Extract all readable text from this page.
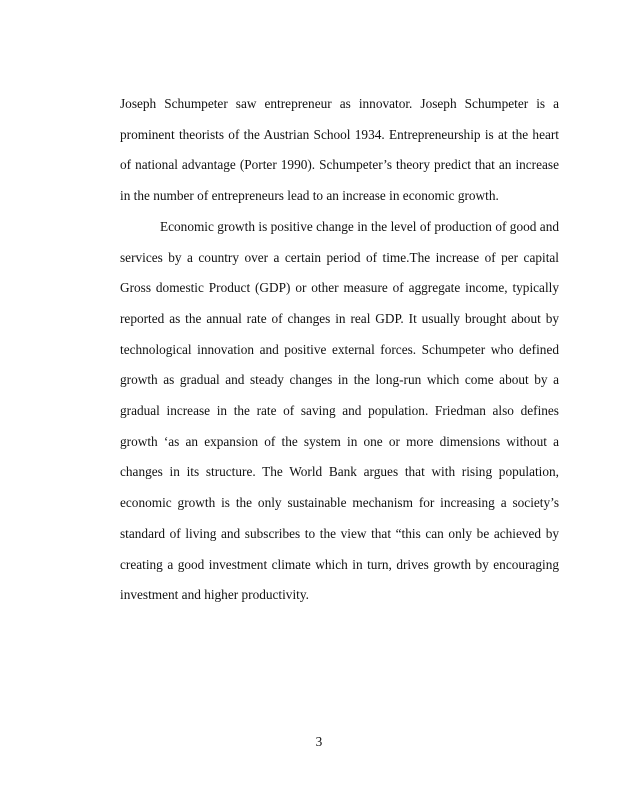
Joseph Schumpeter saw entrepreneur as innovator. Joseph Schumpeter is a prominent theorists of the Austrian School 1934. Entrepreneurship is at the heart of national advantage (Porter 1990). Schumpeter’s theory predict that an increase in the number of entrepreneurs lead to an increase in economic growth.

Economic growth is positive change in the level of production of good and services by a country over a certain period of time.The increase of per capital Gross domestic Product (GDP) or other measure of aggregate income, typically reported as the annual rate of changes in real GDP. It usually brought about by technological innovation and positive external forces. Schumpeter who defined growth as gradual and steady changes in the long-run which come about by a gradual increase in the rate of saving and population. Friedman also defines growth ‘as an expansion of the system in one or more dimensions without a changes in its structure. The World Bank argues that with rising population, economic growth is the only sustainable mechanism for increasing a society’s standard of living and subscribes to the view that “this can only be achieved by creating a good investment climate which in turn, drives growth by encouraging investment and higher productivity.

3
